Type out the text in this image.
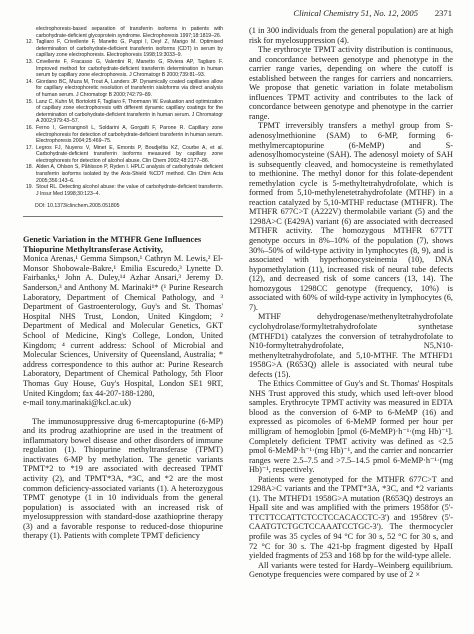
Clinical Chemistry 51, No. 12, 2005 2371
electrophoresis-based separation of transferrin isoforms in patients with carbohydrate-deficient glycoprotein syndrome. Electrophoresis 1997;18:1819–26.
12. Tagliaro F, Crivellente F, Manetto G, Puppi I, Deyl Z, Marigo M. Optimised determination of carbohydrate-deficient transferrin isoforms (CDT) in serum by capillary zone electrophoresis. Electrophoresis 1998;19:3033–9.
13. Crivellente F, Fracasso G, Valentini R, Manetto G, Riviera AP, Tagliaro F. Improved method for carbohydrate-deficient transferrin determination in human serum by capillary zone electrophoresis. J Chromatogr B 2000;739:81–93.
14. Giordano BC, Muza M, Trout A, Landers JP. Dynamically coated capillaries allow for capillary electrophoretic resolution of transferrin sialoforms via direct analysis of human serum. J Chromatogr B 2000;742:79–89.
15. Lanz C, Kuhn M, Bortolotti F, Tagliaro F, Thormann W. Evaluation and optimization of capillary zone electrophoresis with different dynamic capillary coatings for the determination of carbohydrate-deficient transferrin in human serum. J Chromatogr A 2002;979:43–57.
16. Ferno I, Gerrrangnoli L, Soldarini A, Gorgatti F, Parone R. Capillary zone electrophoresis for detection of carbohydrate-deficient transferrin in human serum. Electrophoresis 2004;25:469–75.
17. Legros FJ, Nuyens V, Minet E, Emonts P, Boudjeltia KZ, Courbe A, et al. Carbohydrate-deficient transferrin isoforms measured by capillary zone electrophoresis for detection of alcohol abuse. Clin Chem 2002;48:2177–86.
18. Alden A, Ohlson S, Påhlsson P, Ryden I. HPLC analysis of carbohydrate deficient transferrin isoforms isolated by the Axis-Shield %CDT method. Clin Chim Acta 2005;356:143–6.
19. Stout RL. Detecting alcohol abuse: the value of carbohydrate-deficient transferrin. J Insur Med 1998;30:123–4.
DOI: 10.1373/clinchem.2005.051805
Genetic Variation in the MTHFR Gene Influences Thiopurine Methyltransferase Activity,
Monica Arenas,¹ Gemma Simpson,¹ Cathryn M. Lewis,² El-Monsor Shobowale-Bakre,¹ Emilia Escuredo,³ Lynette D. Fairbanks,¹ John A. Duley,¹⁴ Azhar Ansari,³ Jeremy D. Sanderson,³ and Anthony M. Marinaki¹* (¹ Purine Research Laboratory, Department of Chemical Pathology, and ³ Department of Gastroenterology, Guy's and St. Thomas' Hospital NHS Trust, London, United Kingdom; ² Department of Medical and Molecular Genetics, GKT School of Medicine, King's College, London, United Kingdom; ⁴ current address: School of Microbial and Molecular Sciences, University of Queensland, Australia; * address correspondence to this author at: Purine Research Laboratory, Department of Chemical Pathology, 5th Floor Thomas Guy House, Guy's Hospital, London SE1 9RT, United Kingdom; fax 44-207-188-1280,
e-mail tony.marinaki@kcl.ac.uk)

The immunosuppressive drug 6-mercaptopurine (6-MP) and its prodrug azathioprine are used in the treatment of inflammatory bowel disease and other disorders of immune regulation (1). Thiopurine methyltransferase (TPMT) inactivates 6-MP by methylation. The genetic variants TPMT*2 to *19 are associated with decreased TPMT activity (2), and TPMT*3A, *3C, and *2 are the most common deficiency-associated variants (1). A heterozygous TPMT genotype (1 in 10 individuals from the general population) is associated with an increased risk of myelosuppression with standard-dose azathioprine therapy (3) and a favorable response to reduced-dose thiopurine therapy (1). Patients with complete TPMT deficiency

(1 in 300 individuals from the general population) are at high risk for myelosuppression (4).

The erythrocyte TPMT activity distribution is continuous, and concordance between genotype and phenotype in the carrier range varies, depending on where the cutoff is established between the ranges for carriers and noncarriers. We propose that genetic variation in folate metabolism influences TPMT activity and contributes to the lack of concordance between genotype and phenotype in the carrier range.

TPMT irreversibly transfers a methyl group from S-adenosylmethionine (SAM) to 6-MP, forming 6-methylmercaptopurine (6-MeMP) and S-adenosylhomocysteine (SAH). The adenosyl moiety of SAH is subsequently cleaved, and homocysteine is remethylated to methionine. The methyl donor for this folate-dependent remethylation cycle is 5-methyltetrahydrofolate, which is formed from 5,10-methylenetetrahydrofolate (MTHF) in a reaction catalyzed by 5,10-MTHF reductase (MTHFR). The MTHFR 677C>T (A222V) thermolabile variant (5) and the 1298A>C (E429A) variant (6) are associated with decreased MTHFR activity. The homozygous MTHFR 677TT genotype occurs in 8%–10% of the population (7), shows 30%–50% of wild-type activity in lymphocytes (8, 9), and is associated with hyperhomocysteinemia (10), DNA hypomethylation (11), increased risk of neural tube defects (12), and decreased risk of some cancers (13, 14). The homozygous 1298CC genotype (frequency, 10%) is associated with 60% of wild-type activity in lymphocytes (6, 7).

MTHF dehydrogenase/methenyltetrahydrofolate cyclohydrolase/formyltetrahydrofolate synthetase (MTHFD1) catalyzes the conversion of tetrahydrofolate to N10-formyltetrahydrofolate, N5,N10-methenyltetrahydrofolate, and 5,10-MTHF. The MTHFD1 1958G>A (R653Q) allele is associated with neural tube defects (15).

The Ethics Committee of Guy's and St. Thomas' Hospitals NHS Trust approved this study, which used left-over blood samples. Erythrocyte TPMT activity was measured in EDTA blood as the conversion of 6-MP to 6-MeMP (16) and expressed as picomoles of 6-MeMP formed per hour per milligram of hemoglobin [pmol (6-MeMP)·h⁻¹·(mg Hb)⁻¹]. Completely deficient TPMT activity was defined as <2.5 pmol 6-MeMP·h⁻¹·(mg Hb)⁻¹, and the carrier and noncarrier ranges were 2.5–7.5 and >7.5–14.5 pmol 6-MeMP·h⁻¹·(mg Hb)⁻¹, respectively.

Patients were genotyped for the MTHFR 677C>T and 1298A>C variants and the TPMT*3A, *3C, and *2 variants (1). The MTHFD1 1958G>A mutation (R653Q) destroys an HpaII site and was amplified with the primers 1958for (5'-TTCTTCCATTCTCCTCCACACCTC-3') and 1958rev (5'-CAATGTCTGCTCCAAATCCTGC-3'). The thermocycler profile was 35 cycles of 94 °C for 30 s, 52 °C for 30 s, and 72 °C for 30 s. The 421-bp fragment digested by HpaII yielded fragments of 253 and 168 bp for the wild-type allele.

All variants were tested for Hardy–Weinberg equilibrium. Genotype frequencies were compared by use of 2 ×
